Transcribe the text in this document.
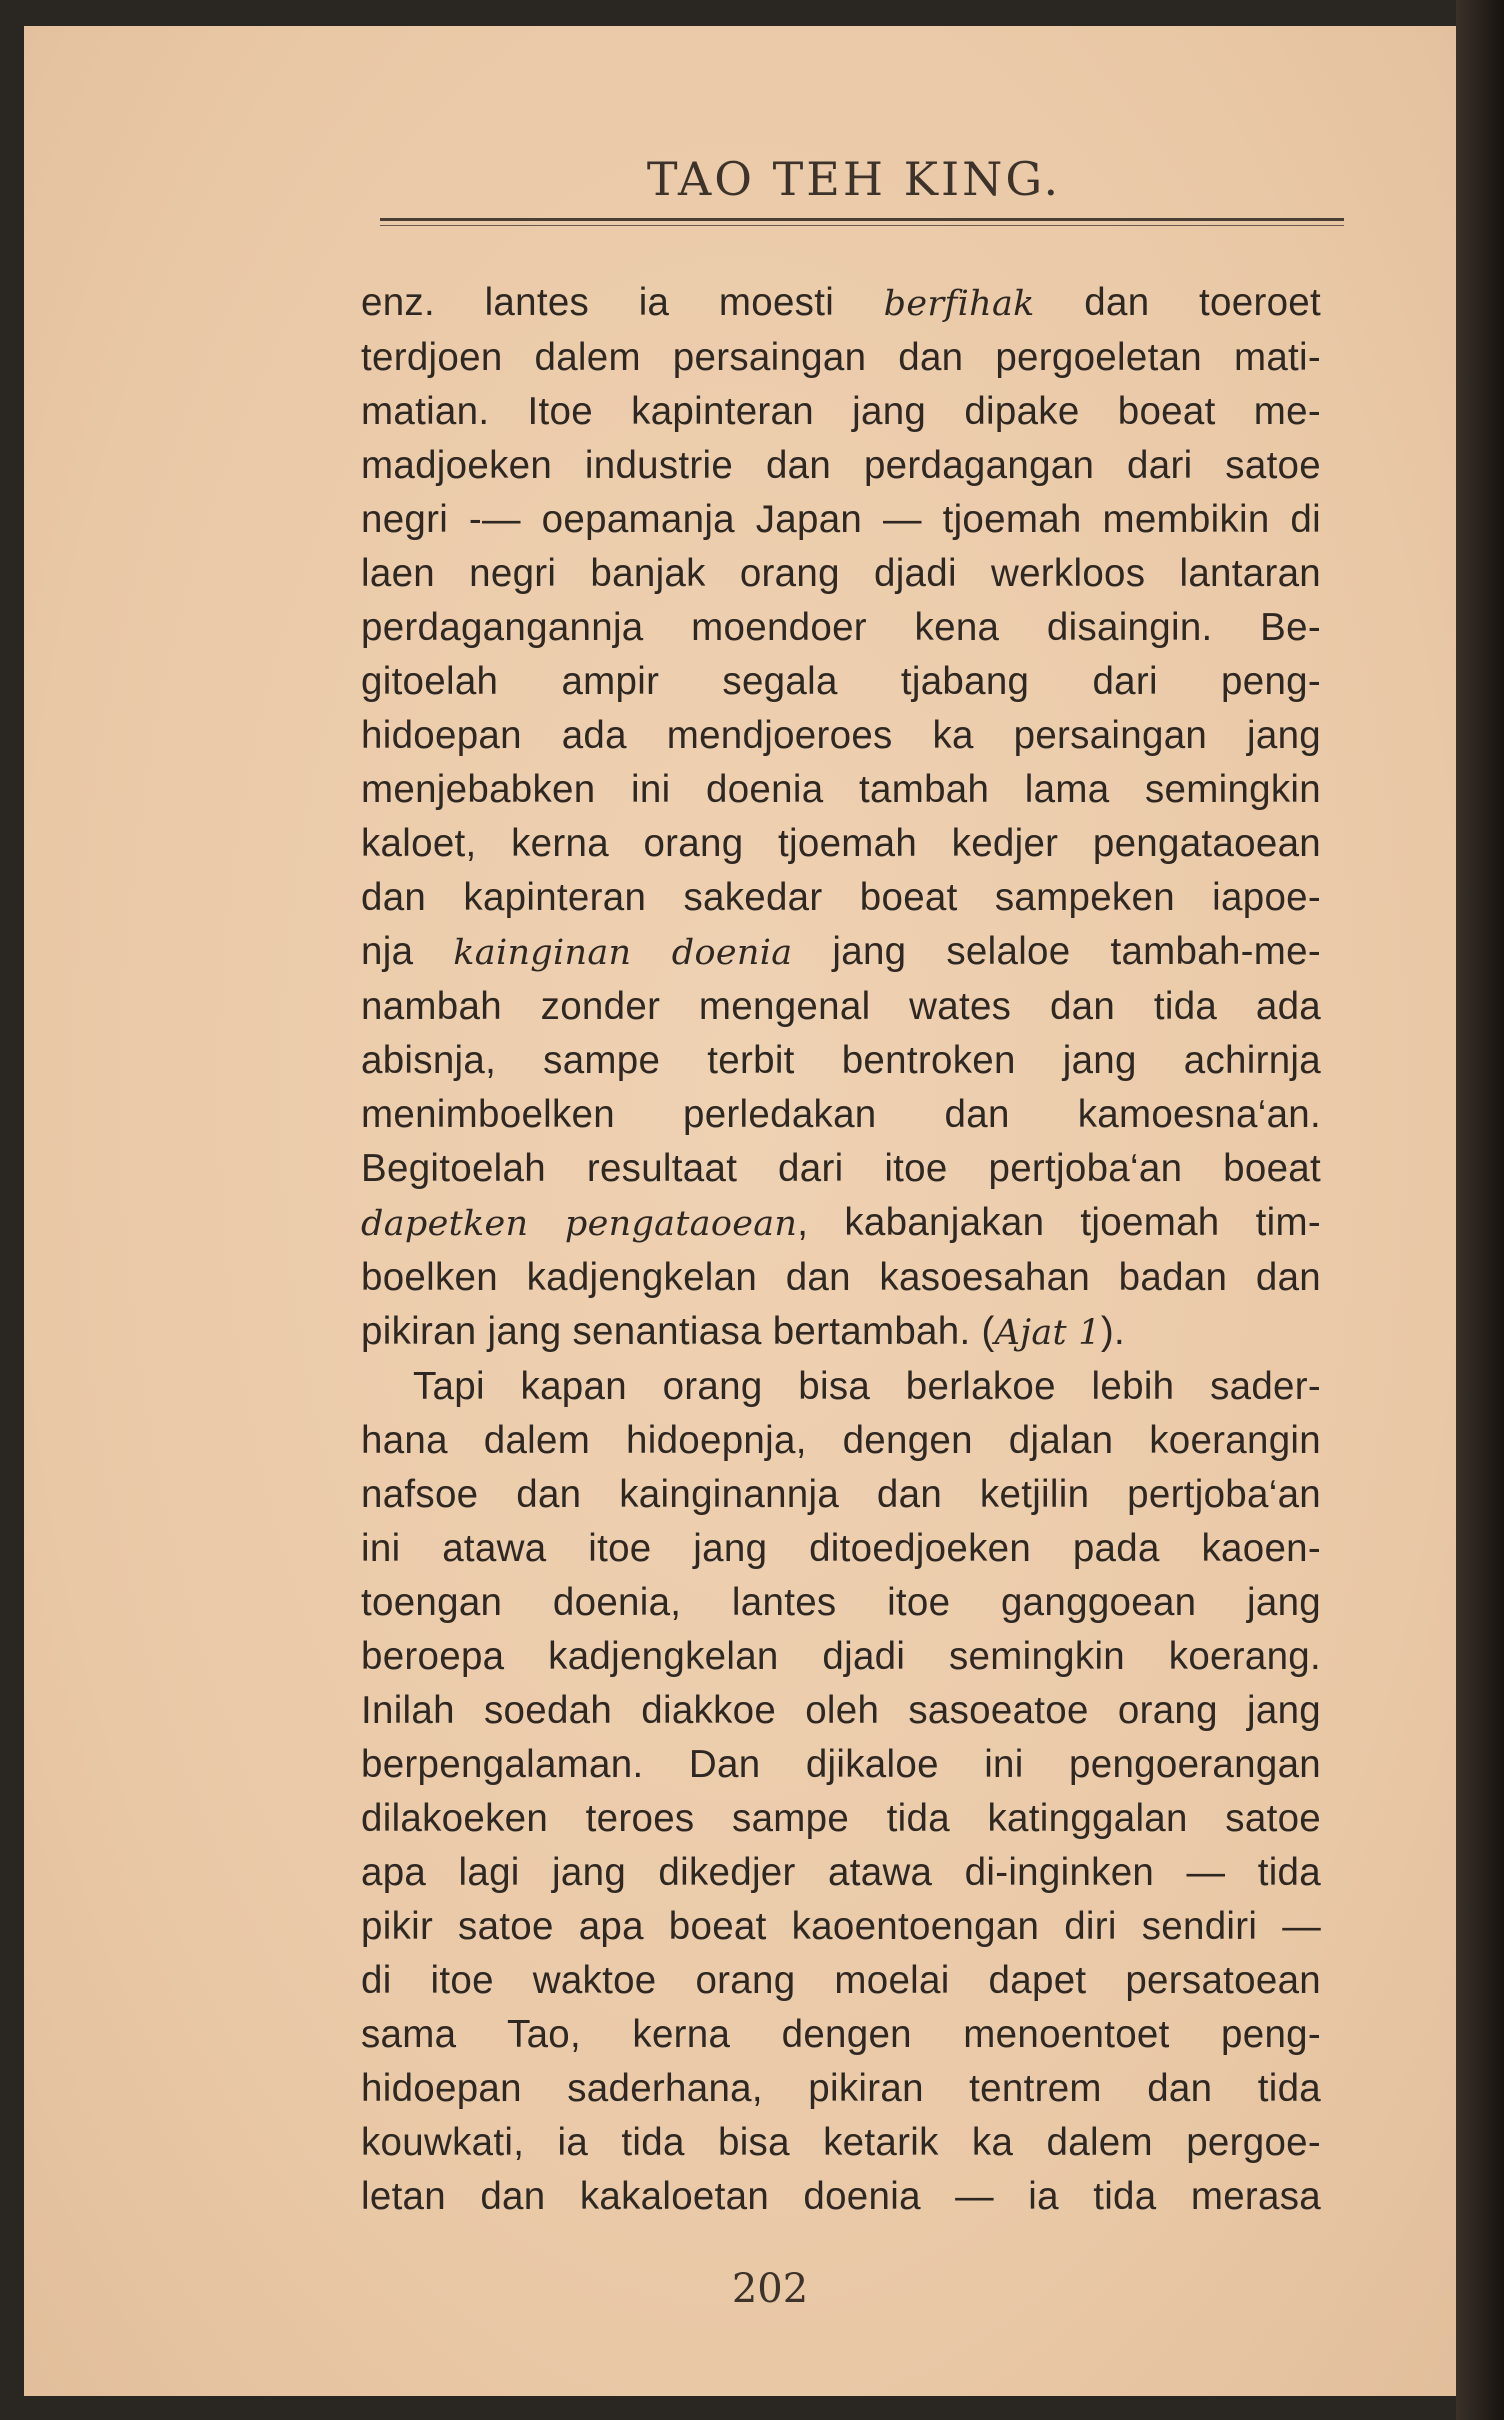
TAO TEH KING.

enz. lantes ia moesti berfihak dan toeroet

terdjoen dalem persaingan dan pergoeletan mati-

matian. Itoe kapinteran jang dipake boeat me-

madjoeken industrie dan perdagangan dari satoe

negri -— oepamanja Japan — tjoemah membikin di

laen negri banjak orang djadi werkloos lantaran

perdagangannja moendoer kena disaingin. Be-

gitoelah ampir segala tjabang dari peng-

hidoepan ada mendjoeroes ka persaingan jang

menjebabken ini doenia tambah lama semingkin

kaloet, kerna orang tjoemah kedjer pengataoean

dan kapinteran sakedar boeat sampeken iapoe-

nja kainginan doenia jang selaloe tambah-me-

nambah zonder mengenal wates dan tida ada

abisnja, sampe terbit bentroken jang achirnja

menimboelken perledakan dan kamoesna‘an.

Begitoelah resultaat dari itoe pertjoba‘an boeat

dapetken pengataoean, kabanjakan tjoemah tim-

boelken kadjengkelan dan kasoesahan badan dan

pikiran jang senantiasa bertambah. (Ajat 1).

Tapi kapan orang bisa berlakoe lebih sader-

hana dalem hidoepnja, dengen djalan koerangin

nafsoe dan kainginannja dan ketjilin pertjoba‘an

ini atawa itoe jang ditoedjoeken pada kaoen-

toengan doenia, lantes itoe ganggoean jang

beroepa kadjengkelan djadi semingkin koerang.

Inilah soedah diakkoe oleh sasoeatoe orang jang

berpengalaman. Dan djikaloe ini pengoerangan

dilakoeken teroes sampe tida katinggalan satoe

apa lagi jang dikedjer atawa di-inginken — tida

pikir satoe apa boeat kaoentoengan diri sendiri —

di itoe waktoe orang moelai dapet persatoean

sama Tao, kerna dengen menoentoet peng-

hidoepan saderhana, pikiran tentrem dan tida

kouwkati, ia tida bisa ketarik ka dalem pergoe-

letan dan kakaloetan doenia — ia tida merasa

202
